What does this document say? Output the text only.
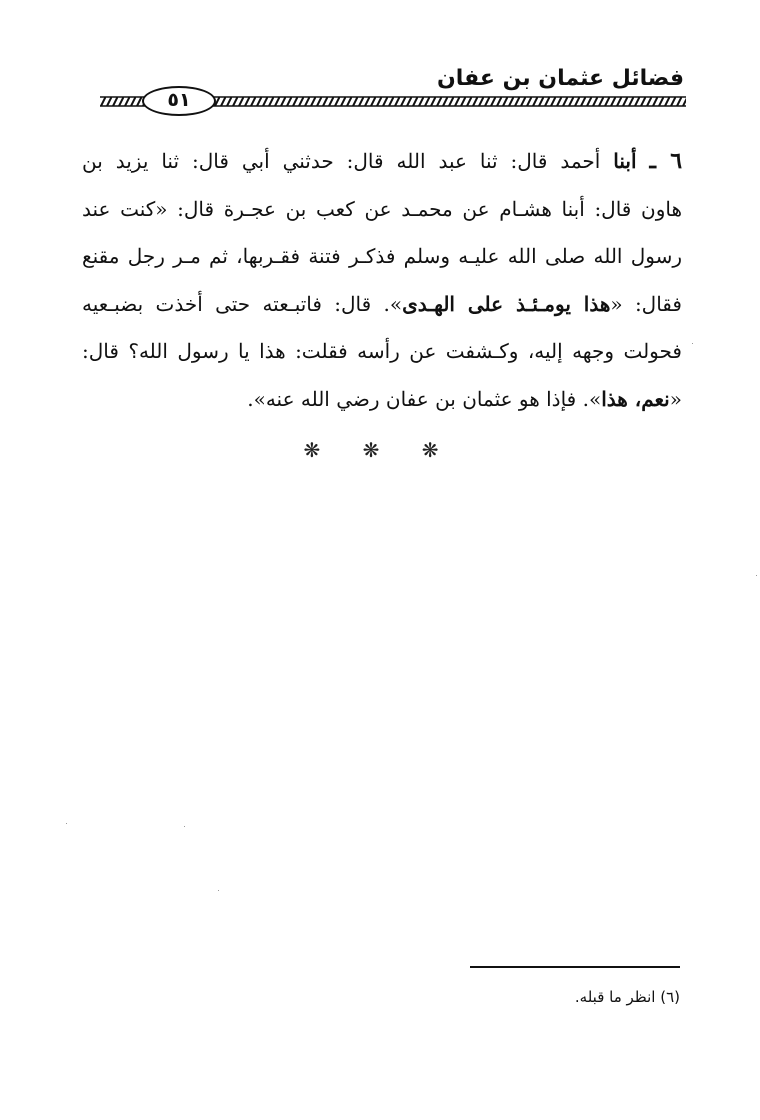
فضائل عثمان بن عفان
٥١
٦ ـ أبنا أحمد قال: ثنا عبد الله قال: حدثني أبي قال: ثنا يزيد بن
هاون قال: أبنا هشـام عن محمـد عن كعب بن عجـرة قال: «كنت عند
رسول الله صلى الله عليـه وسلم فذكـر فتنة فقـربها، ثم مـر رجل مقنع
فقال: «هذا يومـئـذ على الهـدى». قال: فاتبـعته حتى أخذت بضبـعيه
فحولت وجهه إليه، وكـشفت عن رأسه فقلت: هذا يا رسول الله؟ قال:
«نعم، هذا». فإذا هو عثمان بن عفان رضي الله عنه».
❋ ❋ ❋
(٦) انظر ما قبله.
